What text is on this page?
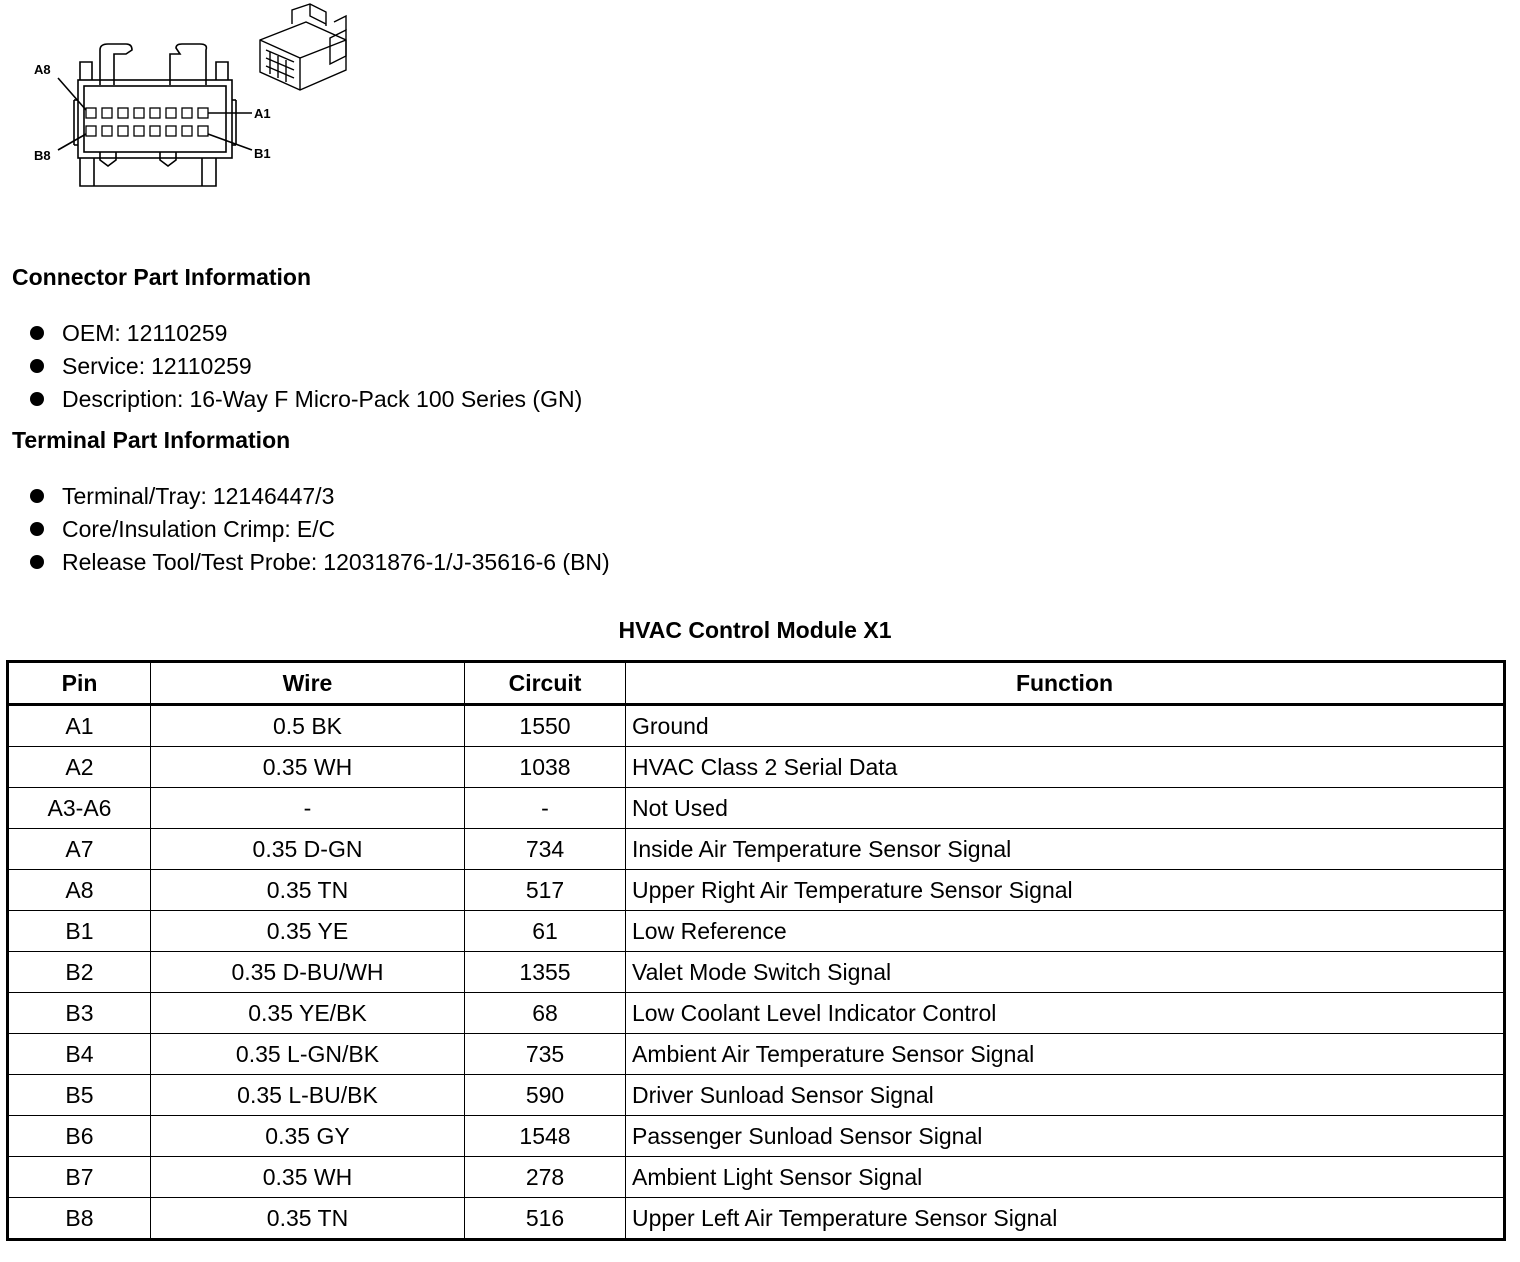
A8
A1
B8	B1
Connector Part Information
OEM: 12110259
Service: 12110259
Description: 16-Way F Micro-Pack 100 Series (GN)
Terminal Part Information
Terminal/Tray: 12146447/3
Core/Insulation Crimp: E/C
Release Tool/Test Probe: 12031876-1/J-35616-6 (BN)
HVAC Control Module X1
Pin	Wire	Circuit	Function
A1	0.5 BK	1550	Ground
A2	0.35 WH	1038	HVAC Class 2 Serial Data
A3-A6	-	-	Not Used
A7	0.35 D-GN	734	Inside Air Temperature Sensor Signal
A8	0.35 TN	517	Upper Right Air Temperature Sensor Signal
B1	0.35 YE	61	Low Reference
B2	0.35 D-BU/WH	1355	Valet Mode Switch Signal
B3	0.35 YE/BK	68	Low Coolant Level Indicator Control
B4	0.35 L-GN/BK	735	Ambient Air Temperature Sensor Signal
B5	0.35 L-BU/BK	590	Driver Sunload Sensor Signal
B6	0.35 GY	1548	Passenger Sunload Sensor Signal
B7	0.35 WH	278	Ambient Light Sensor Signal
B8	0.35 TN	516	Upper Left Air Temperature Sensor Signal
